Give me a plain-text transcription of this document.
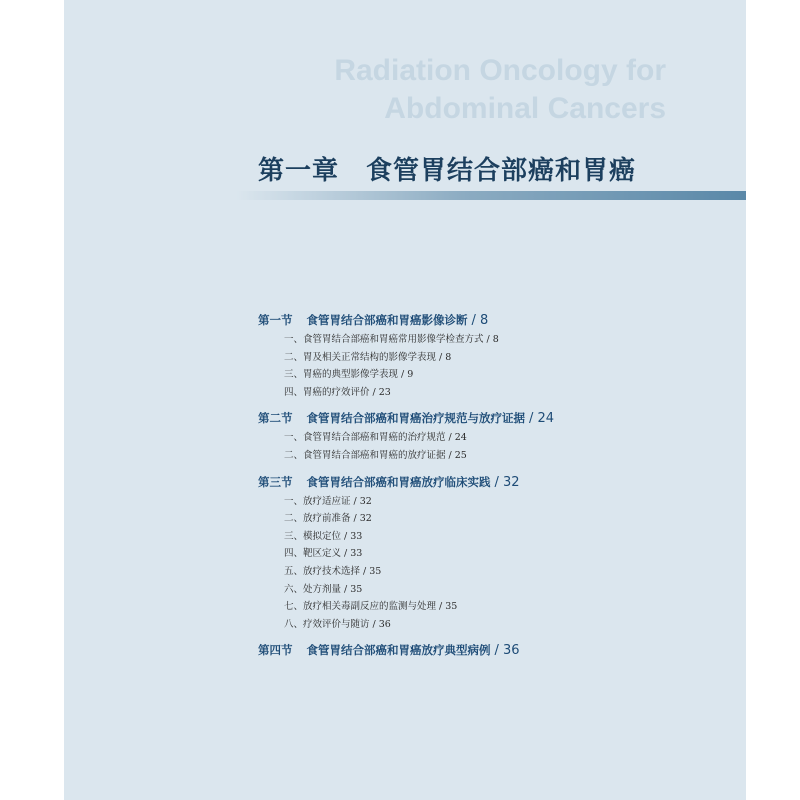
Radiation Oncology for
Abdominal Cancers
第一章　食管胃结合部癌和胃癌
第一节 食管胃结合部癌和胃癌影像诊断 / 8
一、食管胃结合部癌和胃癌常用影像学检查方式 / 8
二、胃及相关正常结构的影像学表现 / 8
三、胃癌的典型影像学表现 / 9
四、胃癌的疗效评价 / 23
第二节 食管胃结合部癌和胃癌治疗规范与放疗证据 / 24
一、食管胃结合部癌和胃癌的治疗规范 / 24
二、食管胃结合部癌和胃癌的放疗证据 / 25
第三节 食管胃结合部癌和胃癌放疗临床实践 / 32
一、放疗适应证 / 32
二、放疗前准备 / 32
三、模拟定位 / 33
四、靶区定义 / 33
五、放疗技术选择 / 35
六、处方剂量 / 35
七、放疗相关毒副反应的监测与处理 / 35
八、疗效评价与随访 / 36
第四节 食管胃结合部癌和胃癌放疗典型病例 / 36
